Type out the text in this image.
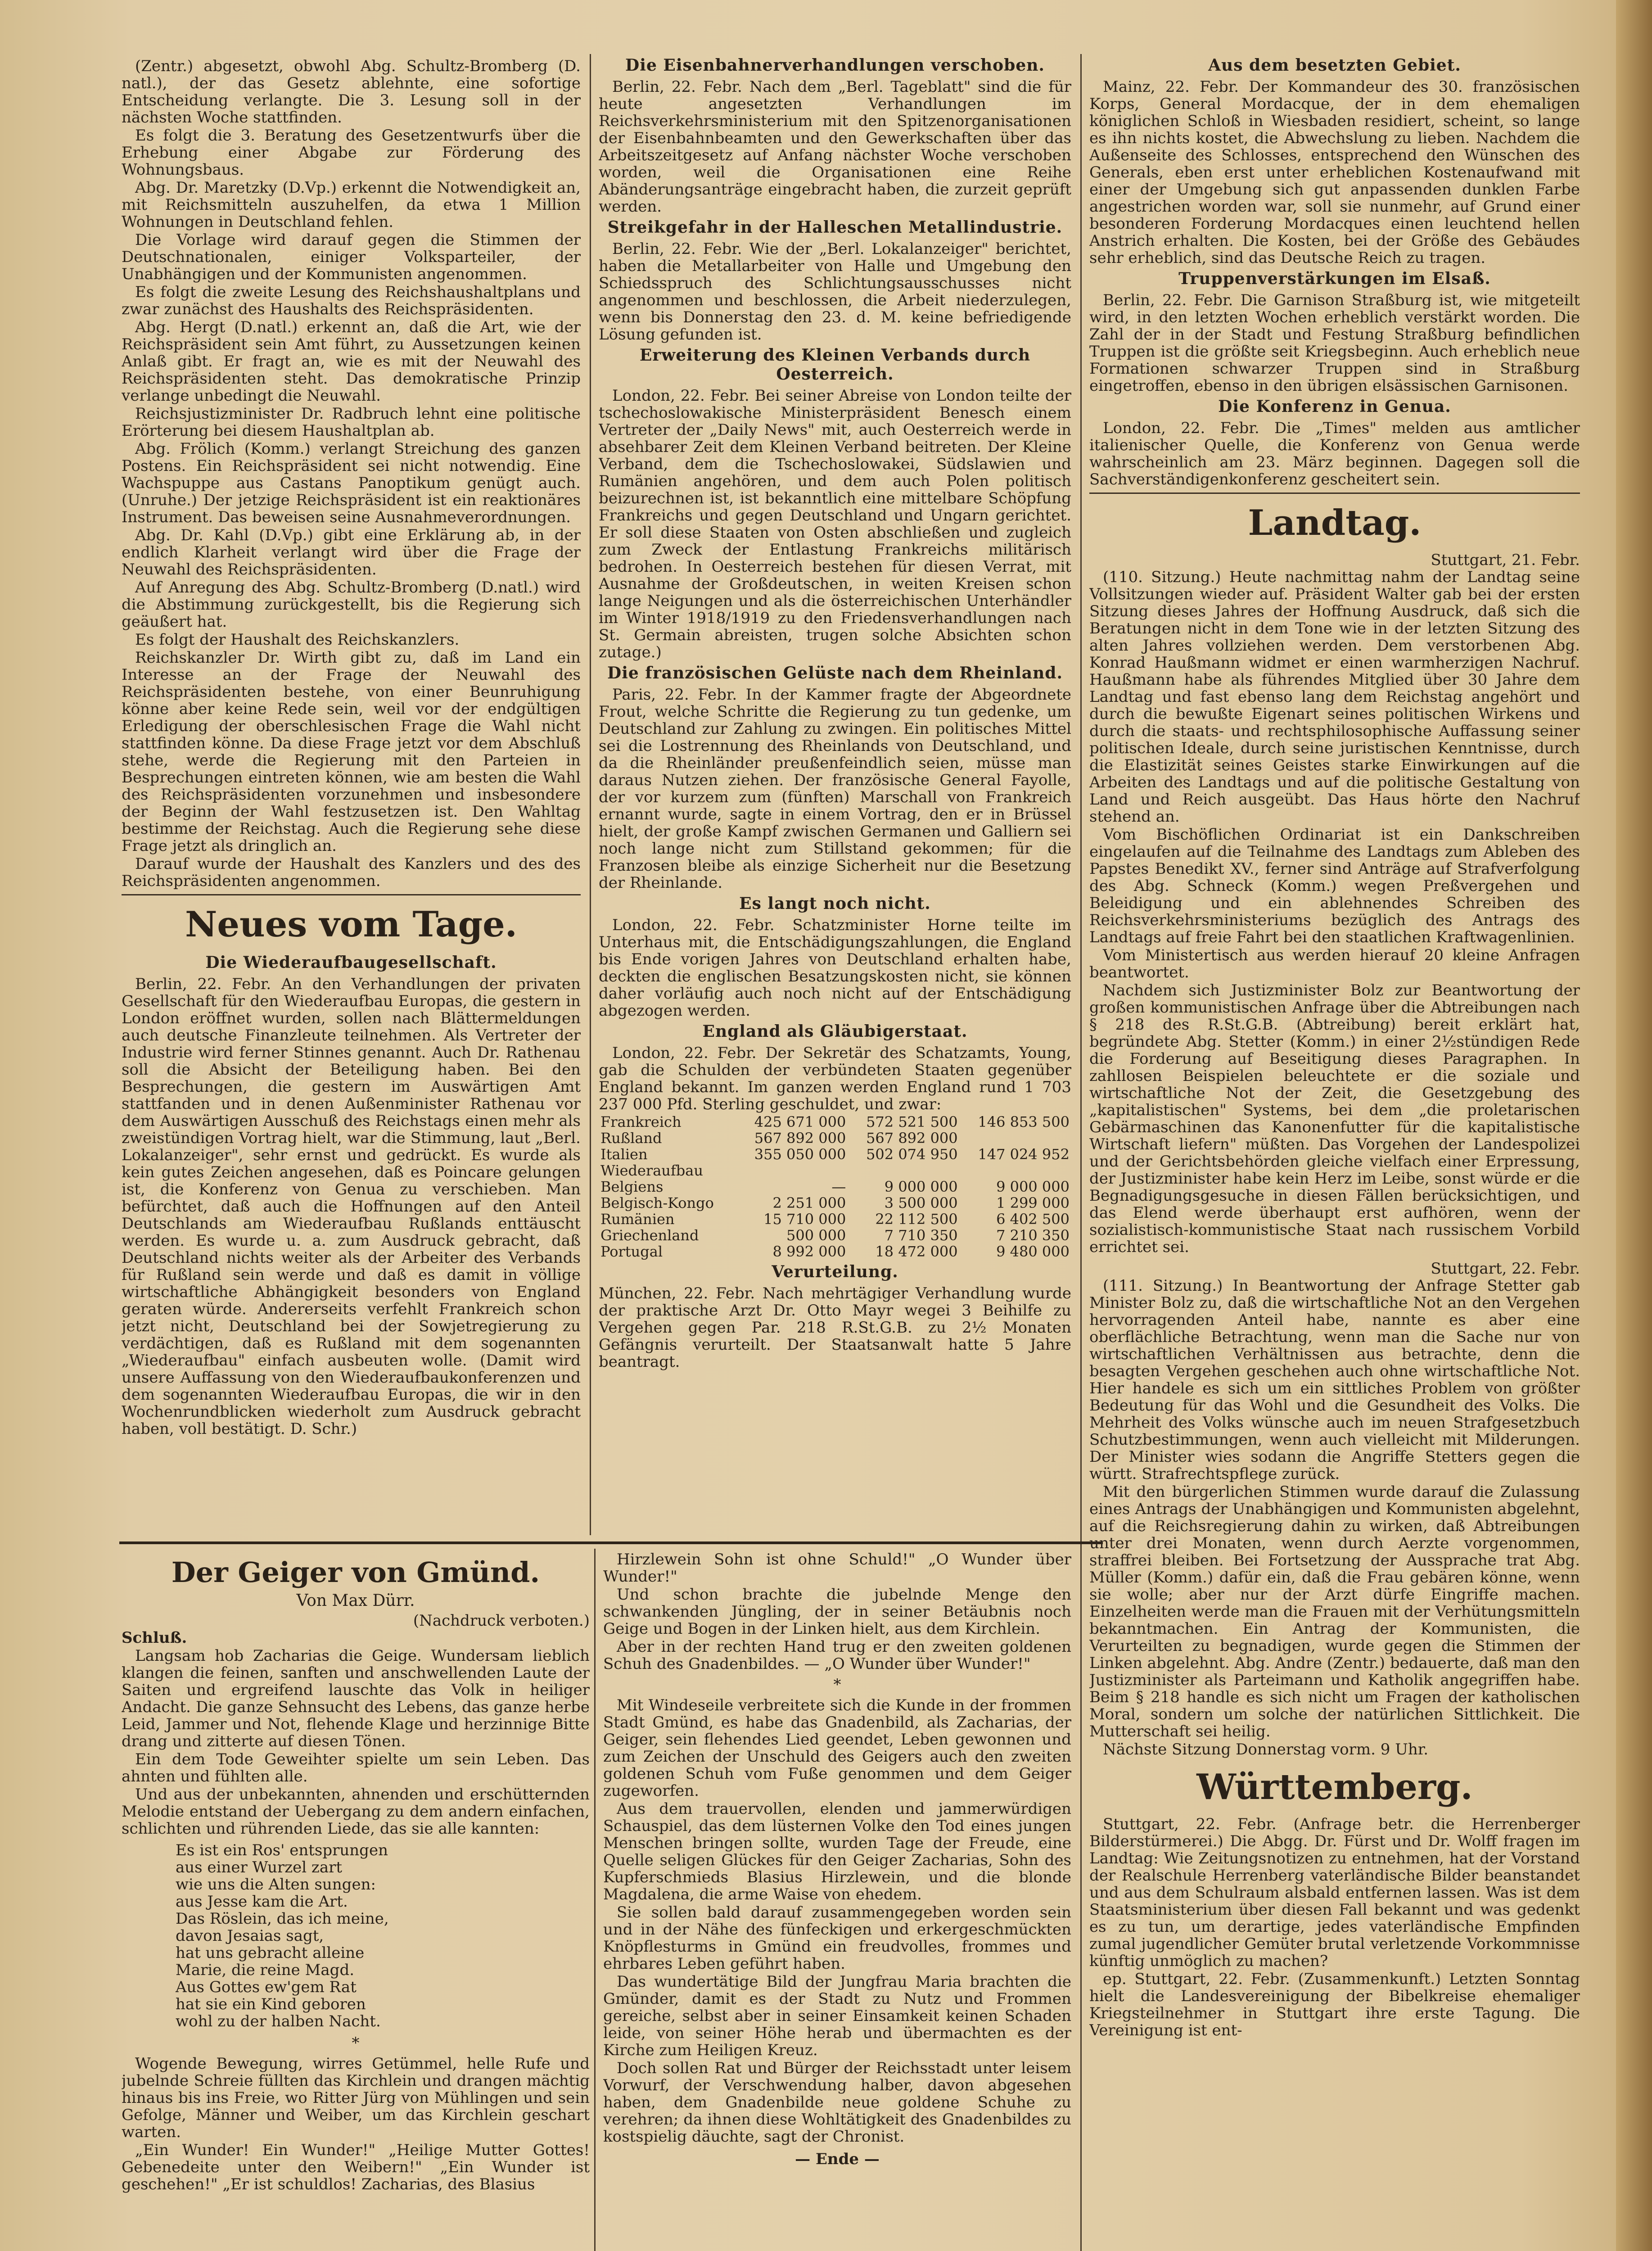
(Zentr.) abgesetzt, obwohl Abg. Schultz-Bromberg (D. natl.), der das Gesetz ablehnte, eine sofortige Entscheidung verlangte. Die 3. Lesung soll in der nächsten Woche stattfinden.

Es folgt die 3. Beratung des Gesetzentwurfs über die Erhebung einer Abgabe zur Förderung des Wohnungsbaus.

Abg. Dr. Maretzky (D.Vp.) erkennt die Notwendigkeit an, mit Reichsmitteln auszuhelfen, da etwa 1 Million Wohnungen in Deutschland fehlen.

Die Vorlage wird darauf gegen die Stimmen der Deutschnationalen, einiger Volksparteiler, der Unabhängigen und der Kommunisten angenommen.

Es folgt die zweite Lesung des Reichshaushaltplans und zwar zunächst des Haushalts des Reichspräsidenten.

Abg. Hergt (D.natl.) erkennt an, daß die Art, wie der Reichspräsident sein Amt führt, zu Aussetzungen keinen Anlaß gibt. Er fragt an, wie es mit der Neuwahl des Reichspräsidenten steht. Das demokratische Prinzip verlange unbedingt die Neuwahl.

Reichsjustizminister Dr. Radbruch lehnt eine politische Erörterung bei diesem Haushaltplan ab.

Abg. Frölich (Komm.) verlangt Streichung des ganzen Postens. Ein Reichspräsident sei nicht notwendig. Eine Wachspuppe aus Castans Panoptikum genügt auch. (Unruhe.) Der jetzige Reichspräsident ist ein reaktionäres Instrument. Das beweisen seine Ausnahmeverordnungen.

Abg. Dr. Kahl (D.Vp.) gibt eine Erklärung ab, in der endlich Klarheit verlangt wird über die Frage der Neuwahl des Reichspräsidenten.

Auf Anregung des Abg. Schultz-Bromberg (D.natl.) wird die Abstimmung zurückgestellt, bis die Regierung sich geäußert hat.

Es folgt der Haushalt des Reichskanzlers.

Reichskanzler Dr. Wirth gibt zu, daß im Land ein Interesse an der Frage der Neuwahl des Reichspräsidenten bestehe, von einer Beunruhigung könne aber keine Rede sein, weil vor der endgültigen Erledigung der oberschlesischen Frage die Wahl nicht stattfinden könne. Da diese Frage jetzt vor dem Abschluß stehe, werde die Regierung mit den Parteien in Besprechungen eintreten können, wie am besten die Wahl des Reichspräsidenten vorzunehmen und insbesondere der Beginn der Wahl festzusetzen ist. Den Wahltag bestimme der Reichstag. Auch die Regierung sehe diese Frage jetzt als dringlich an.

Darauf wurde der Haushalt des Kanzlers und des des Reichspräsidenten angenommen.

Neues vom Tage.
Die Wiederaufbaugesellschaft.

Berlin, 22. Febr. An den Verhandlungen der privaten Gesellschaft für den Wiederaufbau Europas, die gestern in London eröffnet wurden, sollen nach Blättermeldungen auch deutsche Finanzleute teilnehmen. Als Vertreter der Industrie wird ferner Stinnes genannt. Auch Dr. Rathenau soll die Absicht der Beteiligung haben. Bei den Besprechungen, die gestern im Auswärtigen Amt stattfanden und in denen Außenminister Rathenau vor dem Auswärtigen Ausschuß des Reichstags einen mehr als zweistündigen Vortrag hielt, war die Stimmung, laut „Berl. Lokalanzeiger", sehr ernst und gedrückt. Es wurde als kein gutes Zeichen angesehen, daß es Poincare gelungen ist, die Konferenz von Genua zu verschieben. Man befürchtet, daß auch die Hoffnungen auf den Anteil Deutschlands am Wiederaufbau Rußlands enttäuscht werden. Es wurde u. a. zum Ausdruck gebracht, daß Deutschland nichts weiter als der Arbeiter des Verbands für Rußland sein werde und daß es damit in völlige wirtschaftliche Abhängigkeit besonders von England geraten würde. Andererseits verfehlt Frankreich schon jetzt nicht, Deutschland bei der Sowjetregierung zu verdächtigen, daß es Rußland mit dem sogenannten „Wiederaufbau" einfach ausbeuten wolle. (Damit wird unsere Auffassung von den Wiederaufbaukonferenzen und dem sogenannten Wiederaufbau Europas, die wir in den Wochenrundblicken wiederholt zum Ausdruck gebracht haben, voll bestätigt. D. Schr.)

Die Eisenbahnerverhandlungen verschoben.

Berlin, 22. Febr. Nach dem „Berl. Tageblatt" sind die für heute angesetzten Verhandlungen im Reichsverkehrsministerium mit den Spitzenorganisationen der Eisenbahnbeamten und den Gewerkschaften über das Arbeitszeitgesetz auf Anfang nächster Woche verschoben worden, weil die Organisationen eine Reihe Abänderungsanträge eingebracht haben, die zurzeit geprüft werden.

Streikgefahr in der Halleschen Metallindustrie.

Berlin, 22. Febr. Wie der „Berl. Lokalanzeiger" berichtet, haben die Metallarbeiter von Halle und Umgebung den Schiedsspruch des Schlichtungsausschusses nicht angenommen und beschlossen, die Arbeit niederzulegen, wenn bis Donnerstag den 23. d. M. keine befriedigende Lösung gefunden ist.

Erweiterung des Kleinen Verbands durch Oesterreich.

London, 22. Febr. Bei seiner Abreise von London teilte der tschechoslowakische Ministerpräsident Benesch einem Vertreter der „Daily News" mit, auch Oesterreich werde in absehbarer Zeit dem Kleinen Verband beitreten. Der Kleine Verband, dem die Tschechoslowakei, Südslawien und Rumänien angehören, und dem auch Polen politisch beizurechnen ist, ist bekanntlich eine mittelbare Schöpfung Frankreichs und gegen Deutschland und Ungarn gerichtet. Er soll diese Staaten von Osten abschließen und zugleich zum Zweck der Entlastung Frankreichs militärisch bedrohen. In Oesterreich bestehen für diesen Verrat, mit Ausnahme der Großdeutschen, in weiten Kreisen schon lange Neigungen und als die österreichischen Unterhändler im Winter 1918/1919 zu den Friedensverhandlungen nach St. Germain abreisten, trugen solche Absichten schon zutage.)

Die französischen Gelüste nach dem Rheinland.

Paris, 22. Febr. In der Kammer fragte der Abgeordnete Frout, welche Schritte die Regierung zu tun gedenke, um Deutschland zur Zahlung zu zwingen. Ein politisches Mittel sei die Lostrennung des Rheinlands von Deutschland, und da die Rheinländer preußenfeindlich seien, müsse man daraus Nutzen ziehen. Der französische General Fayolle, der vor kurzem zum (fünften) Marschall von Frankreich ernannt wurde, sagte in einem Vortrag, den er in Brüssel hielt, der große Kampf zwischen Germanen und Galliern sei noch lange nicht zum Stillstand gekommen; für die Franzosen bleibe als einzige Sicherheit nur die Besetzung der Rheinlande.

Es langt noch nicht.

London, 22. Febr. Schatzminister Horne teilte im Unterhaus mit, die Entschädigungszahlungen, die England bis Ende vorigen Jahres von Deutschland erhalten habe, deckten die englischen Besatzungskosten nicht, sie können daher vorläufig auch noch nicht auf der Entschädigung abgezogen werden.

England als Gläubigerstaat.

London, 22. Febr. Der Sekretär des Schatzamts, Young, gab die Schulden der verbündeten Staaten gegenüber England bekannt. Im ganzen werden England rund 1 703 237 000 Pfd. Sterling geschuldet, und zwar:

Frankreich	425 671 000	572 521 500	146 853 500
Rußland	567 892 000	567 892 000	
Italien	355 050 000	502 074 950	147 024 952
Wiederaufbau			
Belgiens	—	9 000 000	9 000 000
Belgisch-Kongo	2 251 000	3 500 000	1 299 000
Rumänien	15 710 000	22 112 500	6 402 500
Griechenland	500 000	7 710 350	7 210 350
Portugal	8 992 000	18 472 000	9 480 000
Verurteilung.

München, 22. Febr. Nach mehrtägiger Verhandlung wurde der praktische Arzt Dr. Otto Mayr wegei 3 Beihilfe zu Vergehen gegen Par. 218 R.St.G.B. zu 2½ Monaten Gefängnis verurteilt. Der Staatsanwalt hatte 5 Jahre beantragt.

Aus dem besetzten Gebiet.

Mainz, 22. Febr. Der Kommandeur des 30. französischen Korps, General Mordacque, der in dem ehemaligen königlichen Schloß in Wiesbaden residiert, scheint, so lange es ihn nichts kostet, die Abwechslung zu lieben. Nachdem die Außenseite des Schlosses, entsprechend den Wünschen des Generals, eben erst unter erheblichen Kostenaufwand mit einer der Umgebung sich gut anpassenden dunklen Farbe angestrichen worden war, soll sie nunmehr, auf Grund einer besonderen Forderung Mordacques einen leuchtend hellen Anstrich erhalten. Die Kosten, bei der Größe des Gebäudes sehr erheblich, sind das Deutsche Reich zu tragen.

Truppenverstärkungen im Elsaß.

Berlin, 22. Febr. Die Garnison Straßburg ist, wie mitgeteilt wird, in den letzten Wochen erheblich verstärkt worden. Die Zahl der in der Stadt und Festung Straßburg befindlichen Truppen ist die größte seit Kriegsbeginn. Auch erheblich neue Formationen schwarzer Truppen sind in Straßburg eingetroffen, ebenso in den übrigen elsässischen Garnisonen.

Die Konferenz in Genua.

London, 22. Febr. Die „Times" melden aus amtlicher italienischer Quelle, die Konferenz von Genua werde wahrscheinlich am 23. März beginnen. Dagegen soll die Sachverständigenkonferenz gescheitert sein.

Landtag.
Stuttgart, 21. Febr.

(110. Sitzung.) Heute nachmittag nahm der Landtag seine Vollsitzungen wieder auf. Präsident Walter gab bei der ersten Sitzung dieses Jahres der Hoffnung Ausdruck, daß sich die Beratungen nicht in dem Tone wie in der letzten Sitzung des alten Jahres vollziehen werden. Dem verstorbenen Abg. Konrad Haußmann widmet er einen warmherzigen Nachruf. Haußmann habe als führendes Mitglied über 30 Jahre dem Landtag und fast ebenso lang dem Reichstag angehört und durch die bewußte Eigenart seines politischen Wirkens und durch die staats- und rechtsphilosophische Auffassung seiner politischen Ideale, durch seine juristischen Kenntnisse, durch die Elastizität seines Geistes starke Einwirkungen auf die Arbeiten des Landtags und auf die politische Gestaltung von Land und Reich ausgeübt. Das Haus hörte den Nachruf stehend an.

Vom Bischöflichen Ordinariat ist ein Dankschreiben eingelaufen auf die Teilnahme des Landtags zum Ableben des Papstes Benedikt XV., ferner sind Anträge auf Strafverfolgung des Abg. Schneck (Komm.) wegen Preßvergehen und Beleidigung und ein ablehnendes Schreiben des Reichsverkehrsministeriums bezüglich des Antrags des Landtags auf freie Fahrt bei den staatlichen Kraftwagenlinien.

Vom Ministertisch aus werden hierauf 20 kleine Anfragen beantwortet.

Nachdem sich Justizminister Bolz zur Beantwortung der großen kommunistischen Anfrage über die Abtreibungen nach § 218 des R.St.G.B. (Abtreibung) bereit erklärt hat, begründete Abg. Stetter (Komm.) in einer 2½stündigen Rede die Forderung auf Beseitigung dieses Paragraphen. In zahllosen Beispielen beleuchtete er die soziale und wirtschaftliche Not der Zeit, die Gesetzgebung des „kapitalistischen" Systems, bei dem „die proletarischen Gebärmaschinen das Kanonenfutter für die kapitalistische Wirtschaft liefern" müßten. Das Vorgehen der Landespolizei und der Gerichtsbehörden gleiche vielfach einer Erpressung, der Justizminister habe kein Herz im Leibe, sonst würde er die Begnadigungsgesuche in diesen Fällen berücksichtigen, und das Elend werde überhaupt erst aufhören, wenn der sozialistisch-kommunistische Staat nach russischem Vorbild errichtet sei.

Stuttgart, 22. Febr.

(111. Sitzung.) In Beantwortung der Anfrage Stetter gab Minister Bolz zu, daß die wirtschaftliche Not an den Vergehen hervorragenden Anteil habe, nannte es aber eine oberflächliche Betrachtung, wenn man die Sache nur von wirtschaftlichen Verhältnissen aus betrachte, denn die besagten Vergehen geschehen auch ohne wirtschaftliche Not. Hier handele es sich um ein sittliches Problem von größter Bedeutung für das Wohl und die Gesundheit des Volks. Die Mehrheit des Volks wünsche auch im neuen Strafgesetzbuch Schutzbestimmungen, wenn auch vielleicht mit Milderungen. Der Minister wies sodann die Angriffe Stetters gegen die württ. Strafrechtspflege zurück.

Mit den bürgerlichen Stimmen wurde darauf die Zulassung eines Antrags der Unabhängigen und Kommunisten abgelehnt, auf die Reichsregierung dahin zu wirken, daß Abtreibungen unter drei Monaten, wenn durch Aerzte vorgenommen, straffrei bleiben. Bei Fortsetzung der Aussprache trat Abg. Müller (Komm.) dafür ein, daß die Frau gebären könne, wenn sie wolle; aber nur der Arzt dürfe Eingriffe machen. Einzelheiten werde man die Frauen mit der Verhütungsmitteln bekanntmachen. Ein Antrag der Kommunisten, die Verurteilten zu begnadigen, wurde gegen die Stimmen der Linken abgelehnt. Abg. Andre (Zentr.) bedauerte, daß man den Justizminister als Parteimann und Katholik angegriffen habe. Beim § 218 handle es sich nicht um Fragen der katholischen Moral, sondern um solche der natürlichen Sittlichkeit. Die Mutterschaft sei heilig.

Nächste Sitzung Donnerstag vorm. 9 Uhr.

Württemberg.

Stuttgart, 22. Febr. (Anfrage betr. die Herrenberger Bilderstürmerei.) Die Abgg. Dr. Fürst und Dr. Wolff fragen im Landtag: Wie Zeitungsnotizen zu entnehmen, hat der Vorstand der Realschule Herrenberg vaterländische Bilder beanstandet und aus dem Schulraum alsbald entfernen lassen. Was ist dem Staatsministerium über diesen Fall bekannt und was gedenkt es zu tun, um derartige, jedes vaterländische Empfinden zumal jugendlicher Gemüter brutal verletzende Vorkommnisse künftig unmöglich zu machen?

ep. Stuttgart, 22. Febr. (Zusammenkunft.) Letzten Sonntag hielt die Landesvereinigung der Bibelkreise ehemaliger Kriegsteilnehmer in Stuttgart ihre erste Tagung. Die Vereinigung ist ent-

Der Geiger von Gmünd.
Von Max Dürr.
(Nachdruck verboten.)

Schluß.

Langsam hob Zacharias die Geige. Wundersam lieblich klangen die feinen, sanften und anschwellenden Laute der Saiten und ergreifend lauschte das Volk in heiliger Andacht. Die ganze Sehnsucht des Lebens, das ganze herbe Leid, Jammer und Not, flehende Klage und herzinnige Bitte drang und zitterte auf diesen Tönen.

Ein dem Tode Geweihter spielte um sein Leben. Das ahnten und fühlten alle.

Und aus der unbekannten, ahnenden und erschütternden Melodie entstand der Uebergang zu dem andern einfachen, schlichten und rührenden Liede, das sie alle kannten:

Es ist ein Ros' entsprungen
aus einer Wurzel zart
wie uns die Alten sungen:
aus Jesse kam die Art.
Das Röslein, das ich meine,
davon Jesaias sagt,
hat uns gebracht alleine
Marie, die reine Magd.
Aus Gottes ew'gem Rat
hat sie ein Kind geboren
wohl zu der halben Nacht.
*

Wogende Bewegung, wirres Getümmel, helle Rufe und jubelnde Schreie füllten das Kirchlein und drangen mächtig hinaus bis ins Freie, wo Ritter Jürg von Mühlingen und sein Gefolge, Männer und Weiber, um das Kirchlein geschart warten.

„Ein Wunder! Ein Wunder!" „Heilige Mutter Gottes! Gebenedeite unter den Weibern!" „Ein Wunder ist geschehen!" „Er ist schuldlos! Zacharias, des Blasius

Hirzlewein Sohn ist ohne Schuld!" „O Wunder über Wunder!"

Und schon brachte die jubelnde Menge den schwankenden Jüngling, der in seiner Betäubnis noch Geige und Bogen in der Linken hielt, aus dem Kirchlein.

Aber in der rechten Hand trug er den zweiten goldenen Schuh des Gnadenbildes. — „O Wunder über Wunder!"

*

Mit Windeseile verbreitete sich die Kunde in der frommen Stadt Gmünd, es habe das Gnadenbild, als Zacharias, der Geiger, sein flehendes Lied geendet, Leben gewonnen und zum Zeichen der Unschuld des Geigers auch den zweiten goldenen Schuh vom Fuße genommen und dem Geiger zugeworfen.

Aus dem trauervollen, elenden und jammerwürdigen Schauspiel, das dem lüsternen Volke den Tod eines jungen Menschen bringen sollte, wurden Tage der Freude, eine Quelle seligen Glückes für den Geiger Zacharias, Sohn des Kupferschmieds Blasius Hirzlewein, und die blonde Magdalena, die arme Waise von ehedem.

Sie sollen bald darauf zusammengegeben worden sein und in der Nähe des fünfeckigen und erkergeschmückten Knöpflesturms in Gmünd ein freudvolles, frommes und ehrbares Leben geführt haben.

Das wundertätige Bild der Jungfrau Maria brachten die Gmünder, damit es der Stadt zu Nutz und Frommen gereiche, selbst aber in seiner Einsamkeit keinen Schaden leide, von seiner Höhe herab und übermachten es der Kirche zum Heiligen Kreuz.

Doch sollen Rat und Bürger der Reichsstadt unter leisem Vorwurf, der Verschwendung halber, davon abgesehen haben, dem Gnadenbilde neue goldene Schuhe zu verehren; da ihnen diese Wohltätigkeit des Gnadenbildes zu kostspielig däuchte, sagt der Chronist.

— Ende —
